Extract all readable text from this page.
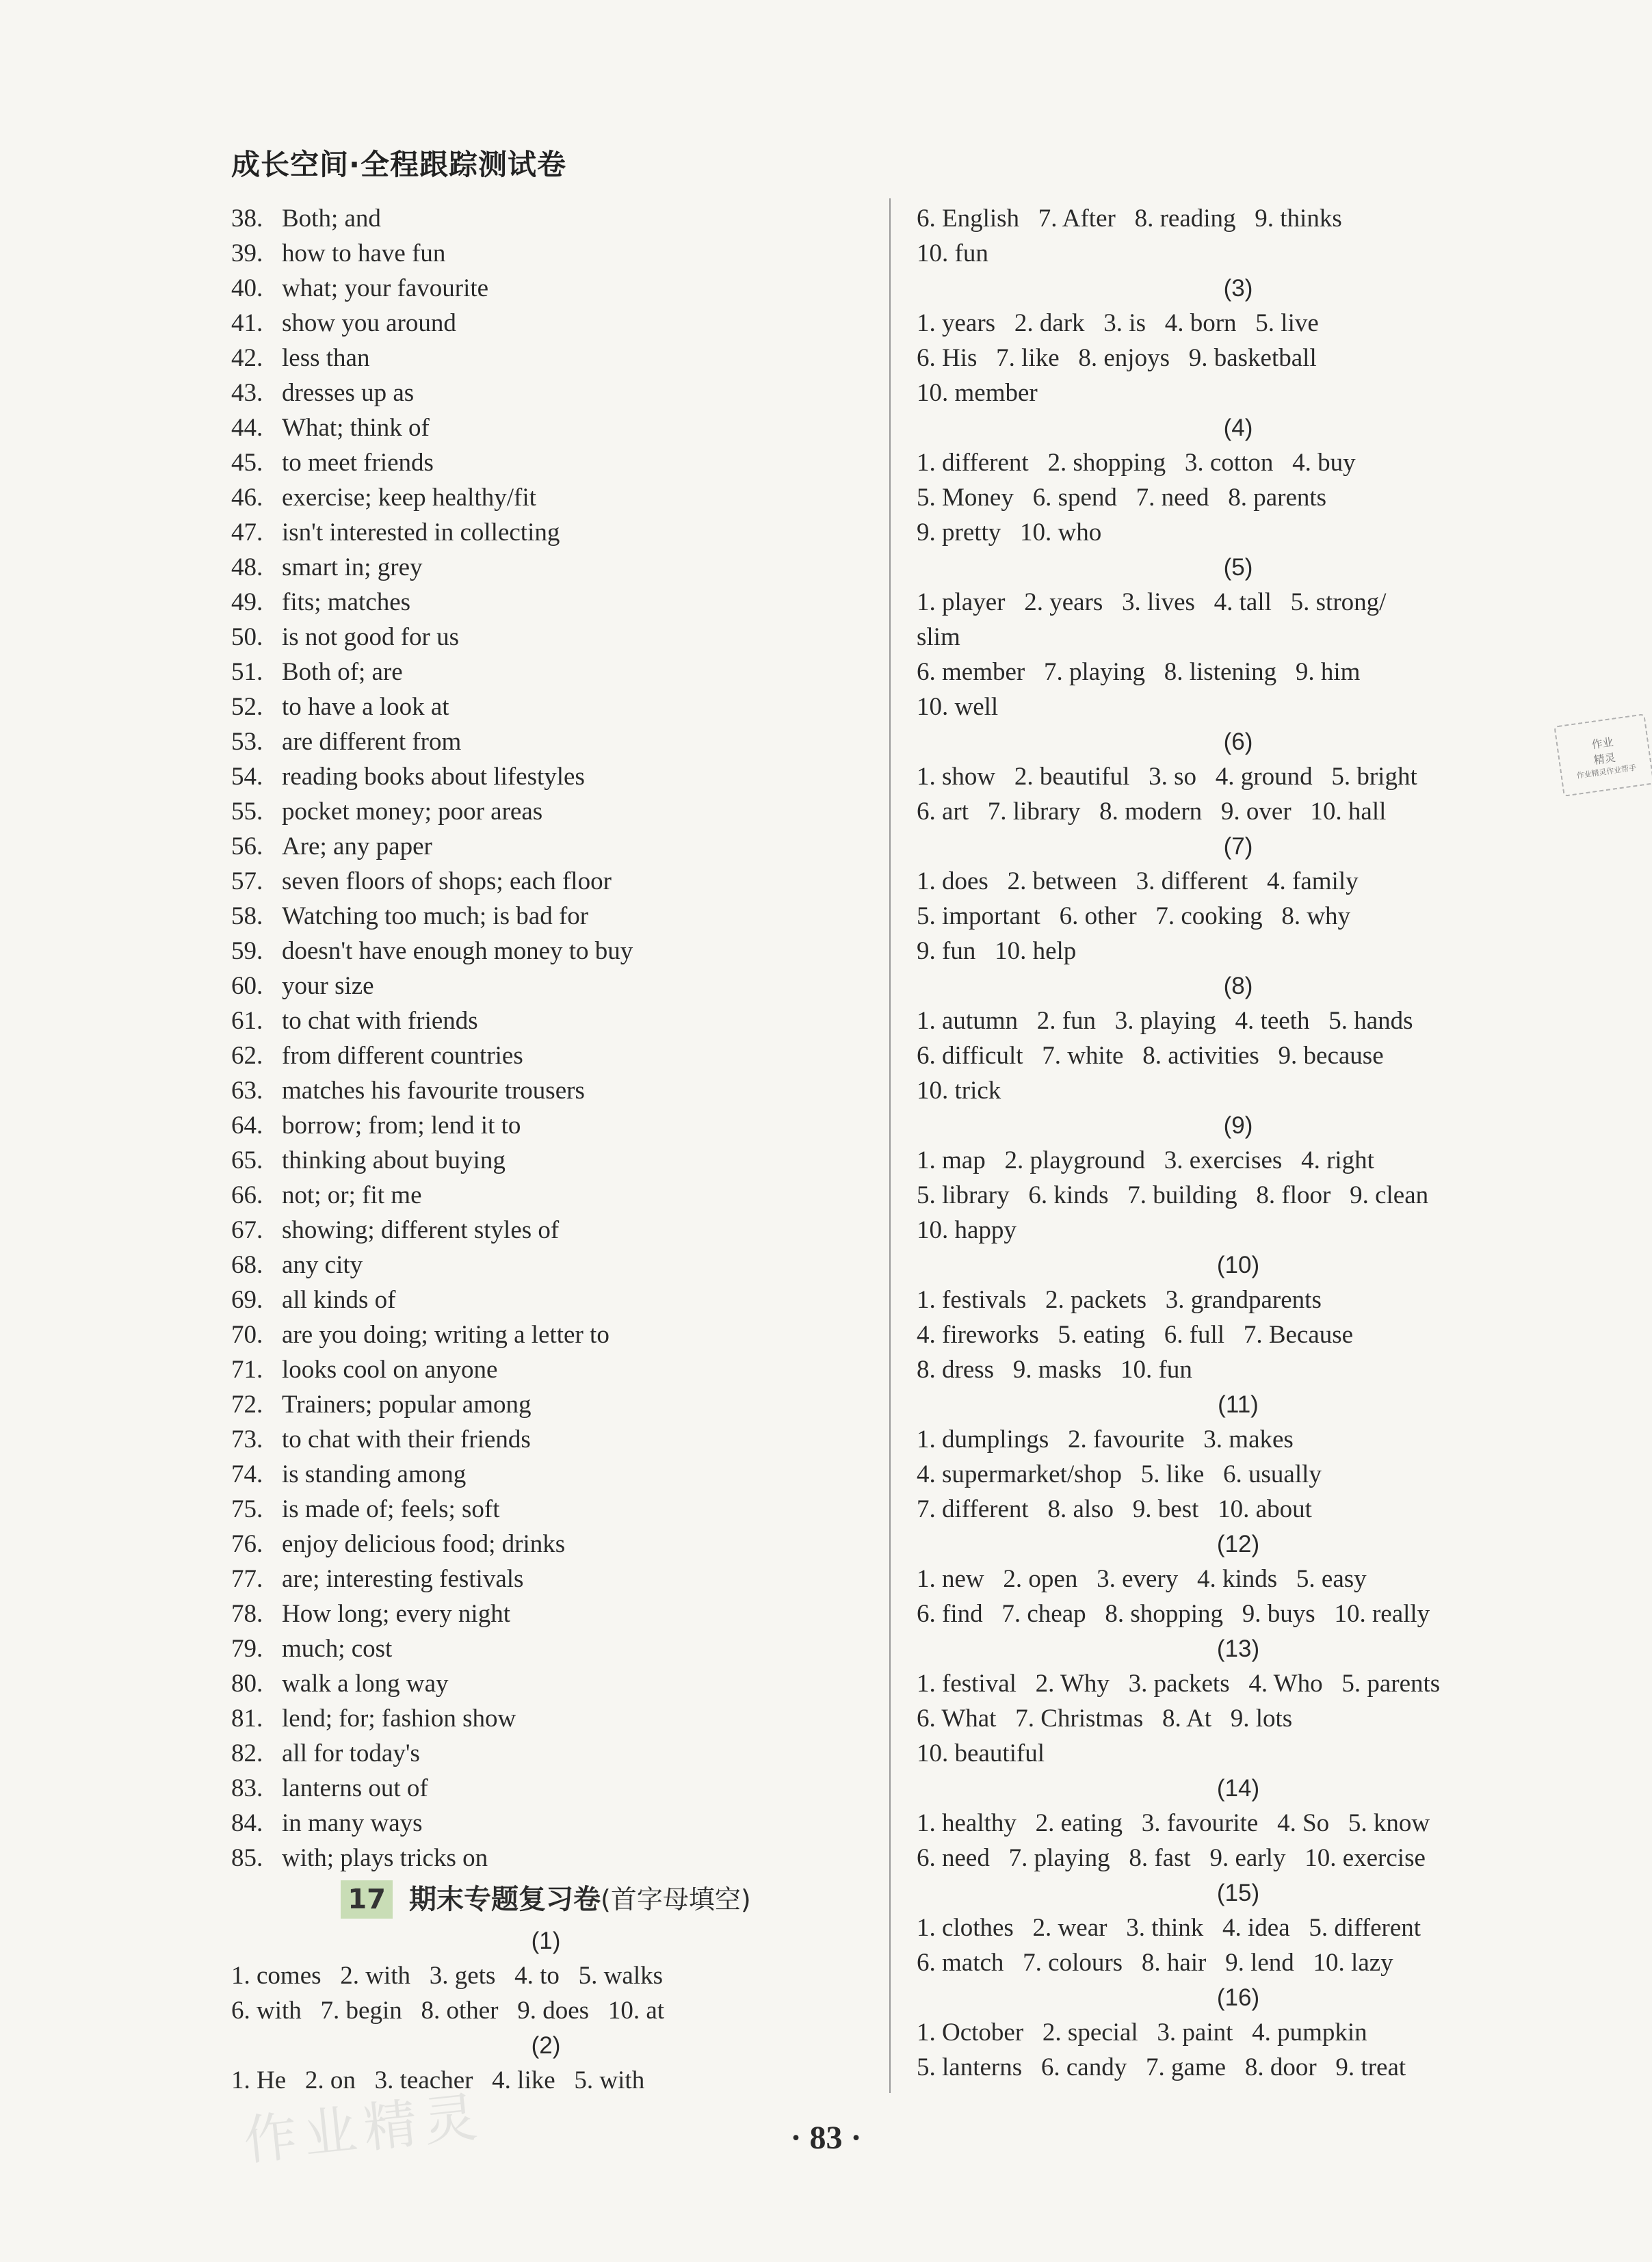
成长空间·全程跟踪测试卷
38. Both; and
39. how to have fun
40. what; your favourite
41. show you around
42. less than
43. dresses up as
44. What; think of
45. to meet friends
46. exercise; keep healthy/fit
47. isn't interested in collecting
48. smart in; grey
49. fits; matches
50. is not good for us
51. Both of; are
52. to have a look at
53. are different from
54. reading books about lifestyles
55. pocket money; poor areas
56. Are; any paper
57. seven floors of shops; each floor
58. Watching too much; is bad for
59. doesn't have enough money to buy
60. your size
61. to chat with friends
62. from different countries
63. matches his favourite trousers
64. borrow; from; lend it to
65. thinking about buying
66. not; or; fit me
67. showing; different styles of
68. any city
69. all kinds of
70. are you doing; writing a letter to
71. looks cool on anyone
72. Trainers; popular among
73. to chat with their friends
74. is standing among
75. is made of; feels; soft
76. enjoy delicious food; drinks
77. are; interesting festivals
78. How long; every night
79. much; cost
80. walk a long way
81. lend; for; fashion show
82. all for today's
83. lanterns out of
84. in many ways
85. with; plays tricks on
17 期末专题复习卷(首字母填空)
(1)
1. comes   2. with   3. gets   4. to   5. walks
6. with   7. begin   8. other   9. does   10. at
(2)
1. He   2. on   3. teacher   4. like   5. with
6. English   7. After   8. reading   9. thinks
10. fun
(3)
1. years   2. dark   3. is   4. born   5. live
6. His   7. like   8. enjoys   9. basketball
10. member
(4)
1. different   2. shopping   3. cotton   4. buy
5. Money   6. spend   7. need   8. parents
9. pretty   10. who
(5)
1. player   2. years   3. lives   4. tall   5. strong/
slim
6. member   7. playing   8. listening   9. him
10. well
(6)
1. show   2. beautiful   3. so   4. ground   5. bright
6. art   7. library   8. modern   9. over   10. hall
(7)
1. does   2. between   3. different   4. family
5. important   6. other   7. cooking   8. why
9. fun   10. help
(8)
1. autumn   2. fun   3. playing   4. teeth   5. hands
6. difficult   7. white   8. activities   9. because
10. trick
(9)
1. map   2. playground   3. exercises   4. right
5. library   6. kinds   7. building   8. floor   9. clean
10. happy
(10)
1. festivals   2. packets   3. grandparents
4. fireworks   5. eating   6. full   7. Because
8. dress   9. masks   10. fun
(11)
1. dumplings   2. favourite   3. makes
4. supermarket/shop   5. like   6. usually
7. different   8. also   9. best   10. about
(12)
1. new   2. open   3. every   4. kinds   5. easy
6. find   7. cheap   8. shopping   9. buys   10. really
(13)
1. festival   2. Why   3. packets   4. Who   5. parents
6. What   7. Christmas   8. At   9. lots
10. beautiful
(14)
1. healthy   2. eating   3. favourite   4. So   5. know
6. need   7. playing   8. fast   9. early   10. exercise
(15)
1. clothes   2. wear   3. think   4. idea   5. different
6. match   7. colours   8. hair   9. lend   10. lazy
(16)
1. October   2. special   3. paint   4. pumpkin
5. lanterns   6. candy   7. game   8. door   9. treat
作业
精灵
作业精灵作业帮手
作业精灵	· 83 ·
